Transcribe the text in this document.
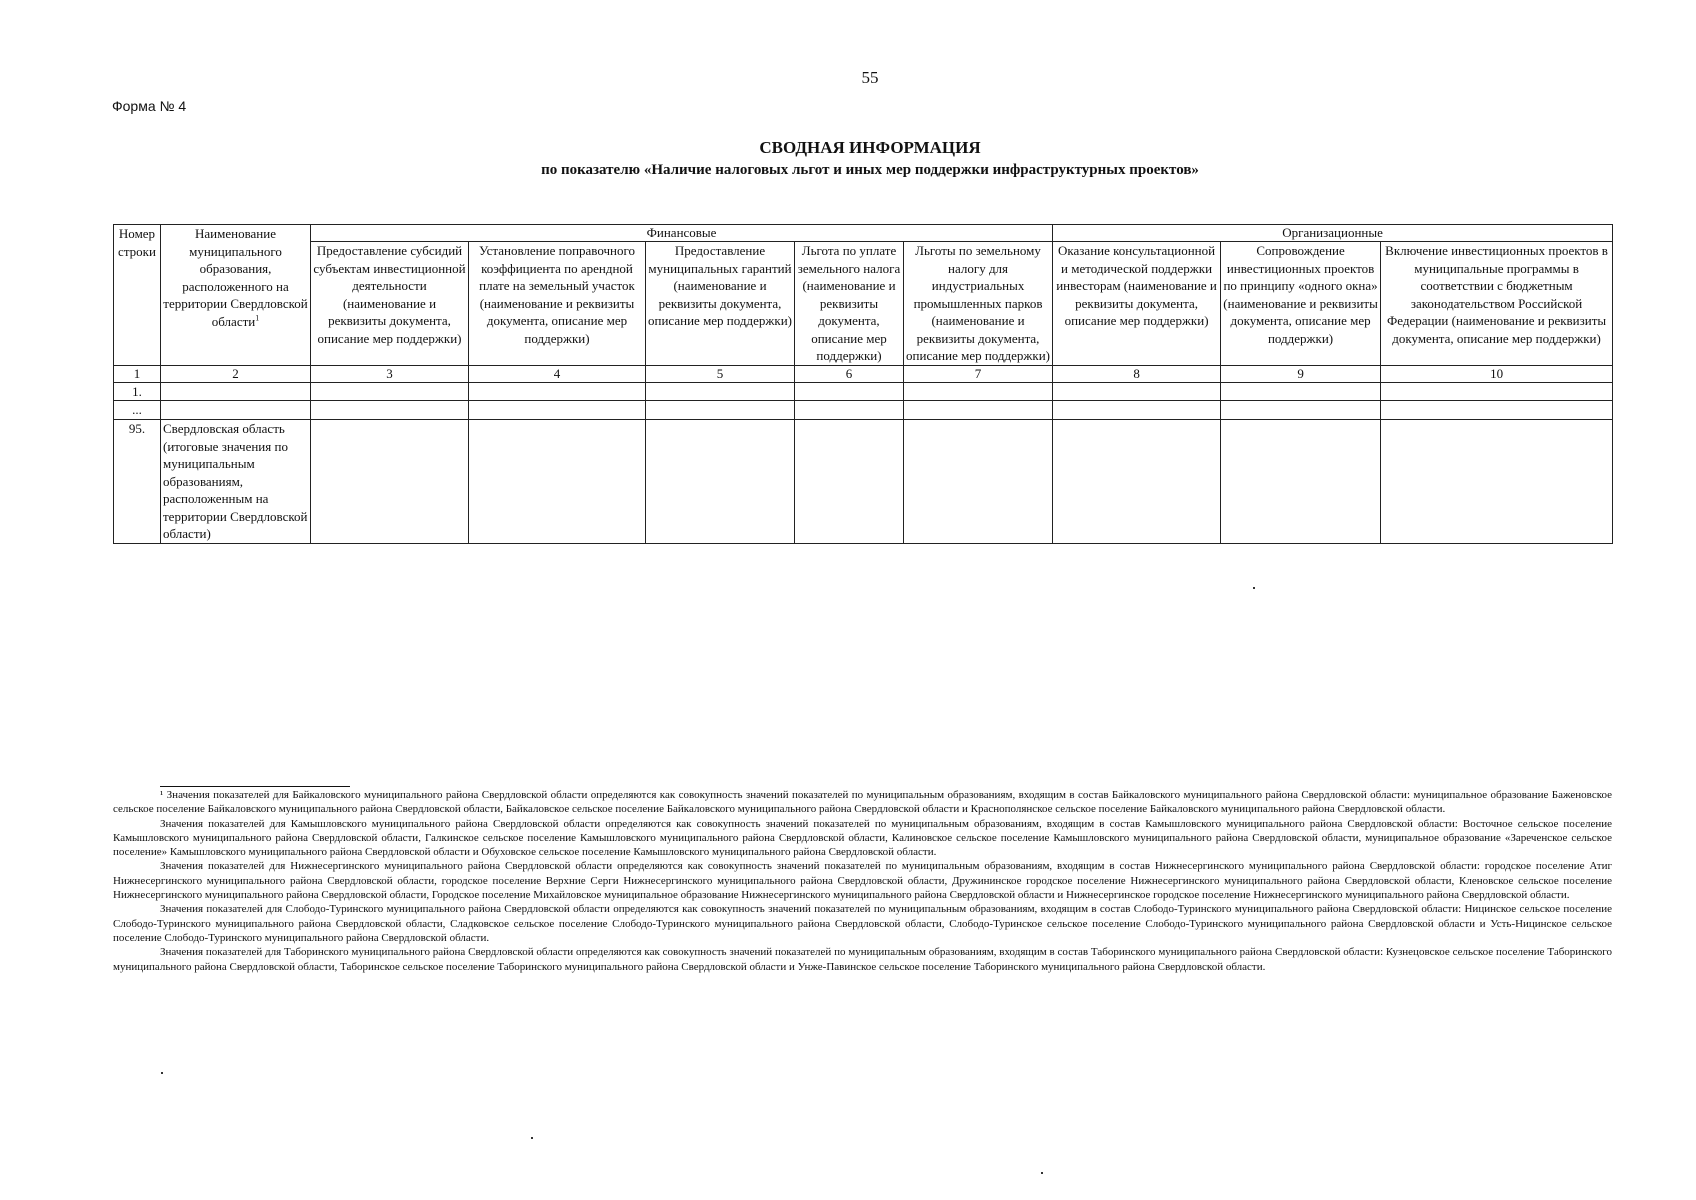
55
Форма № 4
СВОДНАЯ ИНФОРМАЦИЯ
по показателю «Наличие налоговых льгот и иных мер поддержки инфраструктурных проектов»
Номер строки	Наименование муниципального образования, расположенного на территории Свердловской области$^1$	Финансовые					Организационные		
		Предоставление субсидий субъектам инвестиционной деятельности (наименование и реквизиты документа, описание мер поддержки)	Установление поправочного коэффициента по арендной плате на земельный участок (наименование и реквизиты документа, описание мер поддержки)	Предоставление муниципальных гарантий (наименование и реквизиты документа, описание мер поддержки)	Льгота по уплате земельного налога (наименование и реквизиты документа, описание мер поддержки)	Льготы по земельному налогу для индустриальных промышленных парков (наименование и реквизиты документа, описание мер поддержки)	Оказание консультационной и методической поддержки инвесторам (наименование и реквизиты документа, описание мер поддержки)	Сопровождение инвестиционных проектов по принципу «одного окна» (наименование и реквизиты документа, описание мер поддержки)	Включение инвестиционных проектов в муниципальные программы в соответствии с бюджетным законодательством Российской Федерации (наименование и реквизиты документа, описание мер поддержки)
1	2	3	4	5	6	7	8	9	10
1.									
...									
95.	Свердловская область (итоговые значения по муниципальным образованиям, расположенным на территории Свердловской области)								

¹ Значения показателей для Байкаловского муниципального района Свердловской области определяются как совокупность значений показателей по муниципальным образованиям, входящим в состав Байкаловского муниципального района Свердловской области: муниципальное образование Баженовское сельское поселение Байкаловского муниципального района Свердловской области, Байкаловское сельское поселение Байкаловского муниципального района Свердловской области и Краснополянское сельское поселение Байкаловского муниципального района Свердловской области.

Значения показателей для Камышловского муниципального района Свердловской области определяются как совокупность значений показателей по муниципальным образованиям, входящим в состав Камышловского муниципального района Свердловской области: Восточное сельское поселение Камышловского муниципального района Свердловской области, Галкинское сельское поселение Камышловского муниципального района Свердловской области, Калиновское сельское поселение Камышловского муниципального района Свердловской области, муниципальное образование «Зареченское сельское поселение» Камышловского муниципального района Свердловской области и Обуховское сельское поселение Камышловского муниципального района Свердловской области.

Значения показателей для Нижнесергинского муниципального района Свердловской области определяются как совокупность значений показателей по муниципальным образованиям, входящим в состав Нижнесергинского муниципального района Свердловской области: городское поселение Атиг Нижнесергинского муниципального района Свердловской области, городское поселение Верхние Серги Нижнесергинского муниципального района Свердловской области, Дружининское городское поселение Нижнесергинского муниципального района Свердловской области, Кленовское сельское поселение Нижнесергинского муниципального района Свердловской области, Городское поселение Михайловское муниципальное образование Нижнесергинского муниципального района Свердловской области и Нижнесергинское городское поселение Нижнесергинского муниципального района Свердловской области.

Значения показателей для Слободо-Туринского муниципального района Свердловской области определяются как совокупность значений показателей по муниципальным образованиям, входящим в состав Слободо-Туринского муниципального района Свердловской области: Ницинское сельское поселение Слободо-Туринского муниципального района Свердловской области, Сладковское сельское поселение Слободо-Туринского муниципального района Свердловской области, Слободо-Туринское сельское поселение Слободо-Туринского муниципального района Свердловской области и Усть-Ницинское сельское поселение Слободо-Туринского муниципального района Свердловской области.

Значения показателей для Таборинского муниципального района Свердловской области определяются как совокупность значений показателей по муниципальным образованиям, входящим в состав Таборинского муниципального района Свердловской области: Кузнецовское сельское поселение Таборинского муниципального района Свердловской области, Таборинское сельское поселение Таборинского муниципального района Свердловской области и Унже-Павинское сельское поселение Таборинского муниципального района Свердловской области.
